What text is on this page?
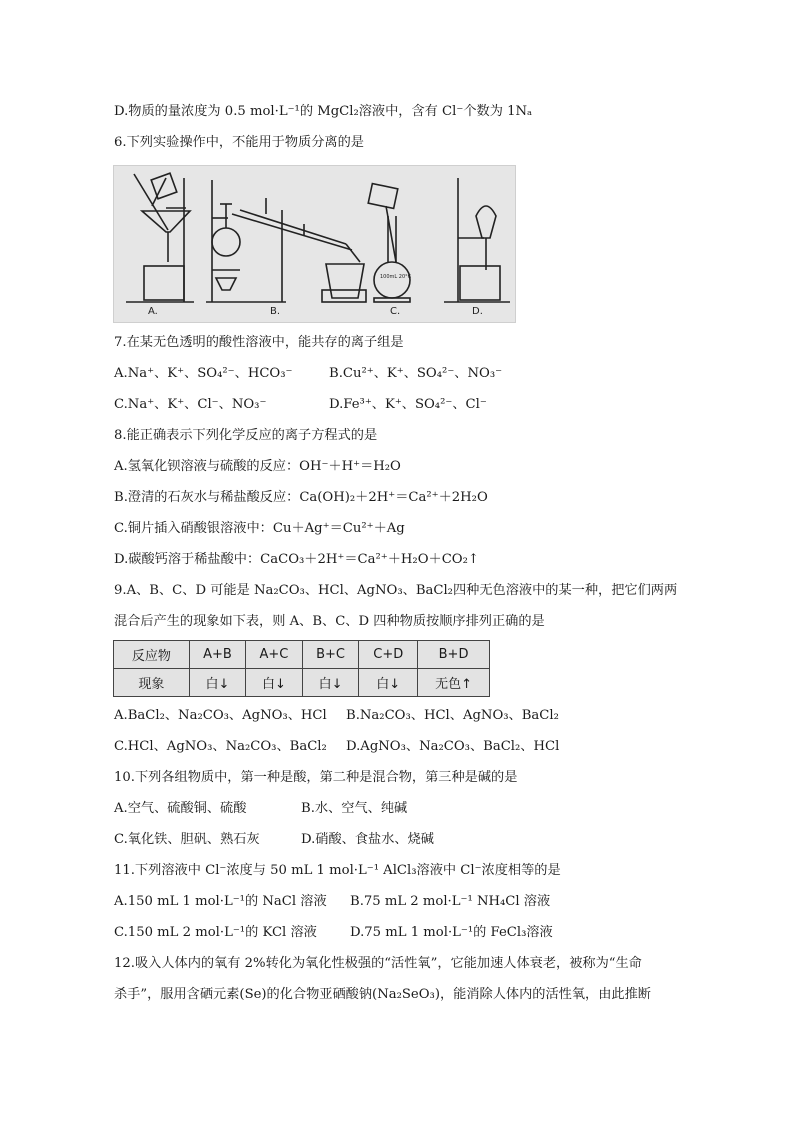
D.物质的量浓度为 0.5 mol·L⁻¹的 MgCl₂溶液中，含有 Cl⁻个数为 1Nₐ
6.下列实验操作中，不能用于物质分离的是
A.	B.	C.	D.
100mL 20°C
7.在某无色透明的酸性溶液中，能共存的离子组是
A.Na⁺、K⁺、SO₄²⁻、HCO₃⁻	B.Cu²⁺、K⁺、SO₄²⁻、NO₃⁻
C.Na⁺、K⁺、Cl⁻、NO₃⁻	D.Fe³⁺、K⁺、SO₄²⁻、Cl⁻
8.能正确表示下列化学反应的离子方程式的是
A.氢氧化钡溶液与硫酸的反应：OH⁻＋H⁺＝H₂O
B.澄清的石灰水与稀盐酸反应：Ca(OH)₂＋2H⁺＝Ca²⁺＋2H₂O
C.铜片插入硝酸银溶液中：Cu＋Ag⁺＝Cu²⁺＋Ag
D.碳酸钙溶于稀盐酸中：CaCO₃＋2H⁺＝Ca²⁺＋H₂O＋CO₂↑
9.A、B、C、D 可能是 Na₂CO₃、HCl、AgNO₃、BaCl₂四种无色溶液中的某一种，把它们两两
混合后产生的现象如下表，则 A、B、C、D 四种物质按顺序排列正确的是
反应物	A+B	A+C	B+C	C+D	B+D
现象	白↓	白↓	白↓	白↓	无色↑
A.BaCl₂、Na₂CO₃、AgNO₃、HCl B.Na₂CO₃、HCl、AgNO₃、BaCl₂
C.HCl、AgNO₃、Na₂CO₃、BaCl₂ D.AgNO₃、Na₂CO₃、BaCl₂、HCl
10.下列各组物质中，第一种是酸，第二种是混合物，第三种是碱的是
A.空气、硫酸铜、硫酸	B.水、空气、纯碱
C.氧化铁、胆矾、熟石灰	D.硝酸、食盐水、烧碱
11.下列溶液中 Cl⁻浓度与 50 mL 1 mol·L⁻¹ AlCl₃溶液中 Cl⁻浓度相等的是
A.150 mL 1 mol·L⁻¹的 NaCl 溶液 B.75 mL 2 mol·L⁻¹ NH₄Cl 溶液
C.150 mL 2 mol·L⁻¹的 KCl 溶液	D.75 mL 1 mol·L⁻¹的 FeCl₃溶液
12.吸入人体内的氧有 2%转化为氧化性极强的“活性氧”，它能加速人体衰老，被称为“生命
杀手”，服用含硒元素(Se)的化合物亚硒酸钠(Na₂SeO₃)，能消除人体内的活性氧，由此推断
